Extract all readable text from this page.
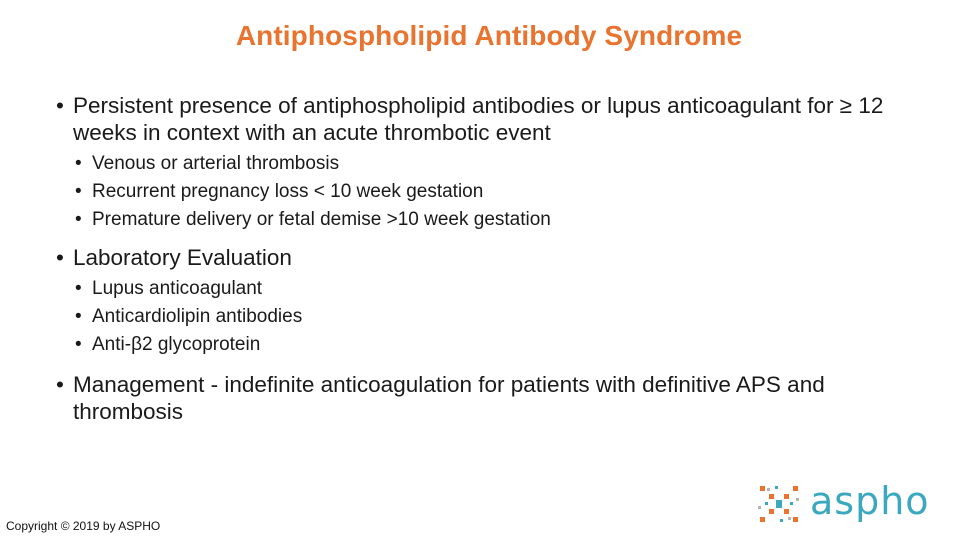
Antiphospholipid Antibody Syndrome
• Persistent presence of antiphospholipid antibodies or lupus anticoagulant for ≥ 12 weeks in context with an acute thrombotic event
• Venous or arterial thrombosis
• Recurrent pregnancy loss < 10 week gestation
• Premature delivery or fetal demise >10 week gestation
• Laboratory Evaluation
• Lupus anticoagulant
• Anticardiolipin antibodies
• Anti-β2 glycoprotein
• Management - indefinite anticoagulation for patients with definitive APS and thrombosis
Copyright © 2019 by ASPHO
aspho
